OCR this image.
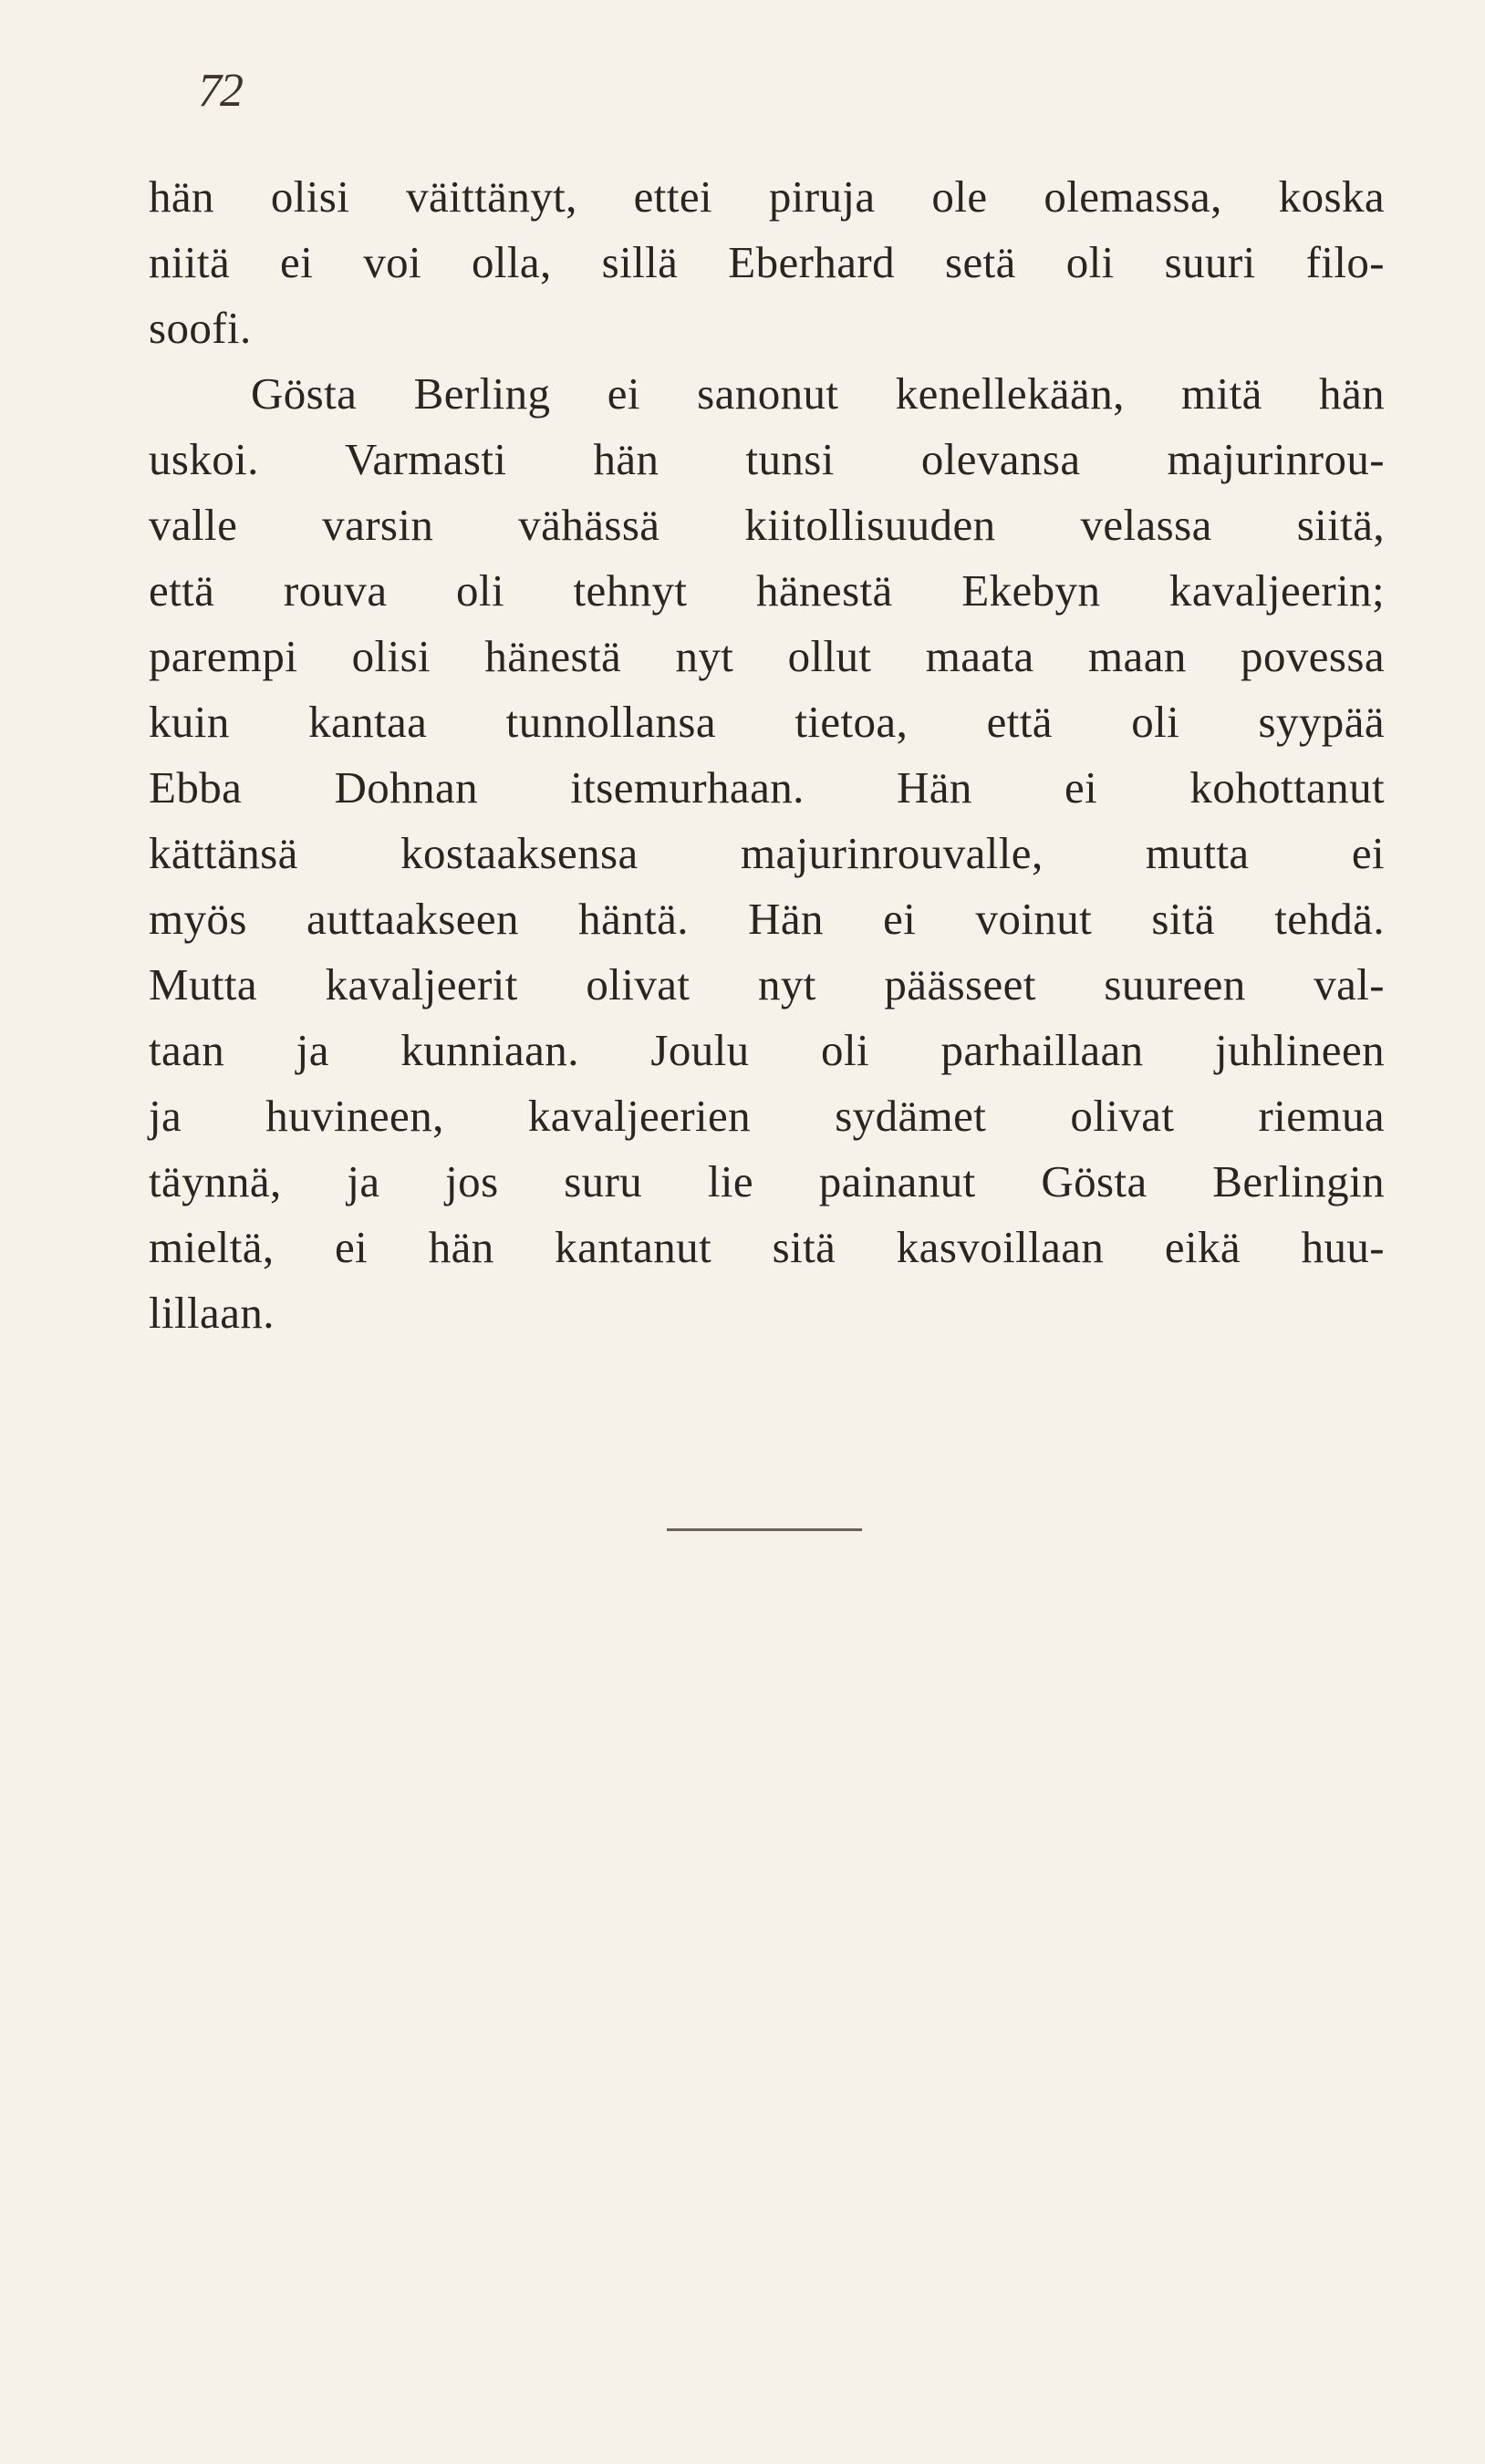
72
hän olisi väittänyt, ettei piruja ole olemassa, koska
niitä ei voi olla, sillä Eberhard setä oli suuri filo-
soofi.
Gösta Berling ei sanonut kenellekään, mitä hän
uskoi. Varmasti hän tunsi olevansa majurinrou-
valle varsin vähässä kiitollisuuden velassa siitä,
että rouva oli tehnyt hänestä Ekebyn kavaljeerin;
parempi olisi hänestä nyt ollut maata maan povessa
kuin kantaa tunnollansa tietoa, että oli syypää
Ebba Dohnan itsemurhaan. Hän ei kohottanut
kättänsä kostaaksensa majurinrouvalle, mutta ei
myös auttaakseen häntä. Hän ei voinut sitä tehdä.
Mutta kavaljeerit olivat nyt päässeet suureen val-
taan ja kunniaan. Joulu oli parhaillaan juhlineen
ja huvineen, kavaljeerien sydämet olivat riemua
täynnä, ja jos suru lie painanut Gösta Berlingin
mieltä, ei hän kantanut sitä kasvoillaan eikä huu-
lillaan.
